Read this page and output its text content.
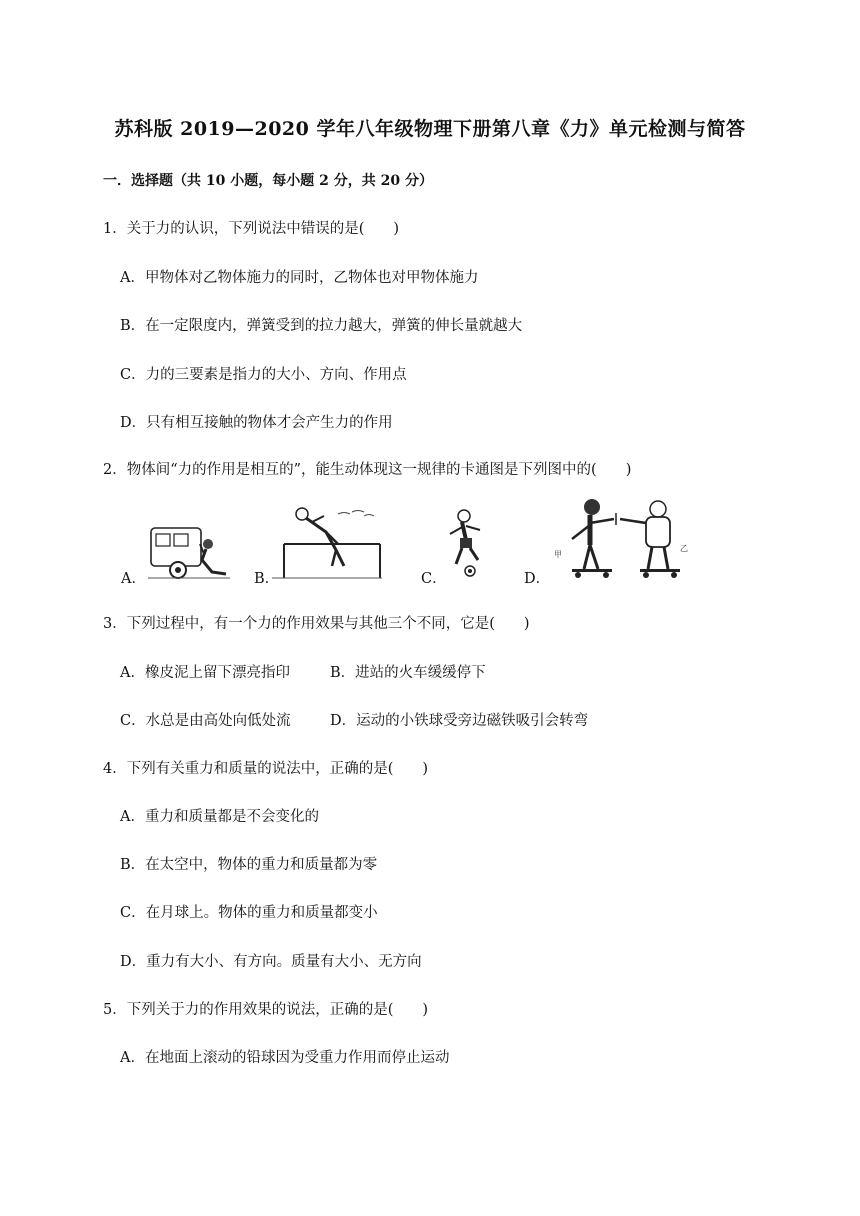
苏科版 2019—2020 学年八年级物理下册第八章《力》单元检测与简答
一．选择题（共 10 小题，每小题 2 分，共 20 分）
1．关于力的认识，下列说法中错误的是(　　)
A．甲物体对乙物体施力的同时，乙物体也对甲物体施力
B．在一定限度内，弹簧受到的拉力越大，弹簧的伸长量就越大
C．力的三要素是指力的大小、方向、作用点
D．只有相互接触的物体才会产生力的作用
2．物体间“力的作用是相互的”，能生动体现这一规律的卡通图是下列图中的(　　)
A．	B．	C．	D．
甲
乙
3．下列过程中，有一个力的作用效果与其他三个不同，它是(　　)
A．橡皮泥上留下漂亮指印	B．进站的火车缓缓停下
C．水总是由高处向低处流	D．运动的小铁球受旁边磁铁吸引会转弯
4．下列有关重力和质量的说法中，正确的是(　　)
A．重力和质量都是不会变化的
B．在太空中，物体的重力和质量都为零
C．在月球上。物体的重力和质量都变小
D．重力有大小、有方向。质量有大小、无方向
5．下列关于力的作用效果的说法，正确的是(　　)
A．在地面上滚动的铅球因为受重力作用而停止运动
